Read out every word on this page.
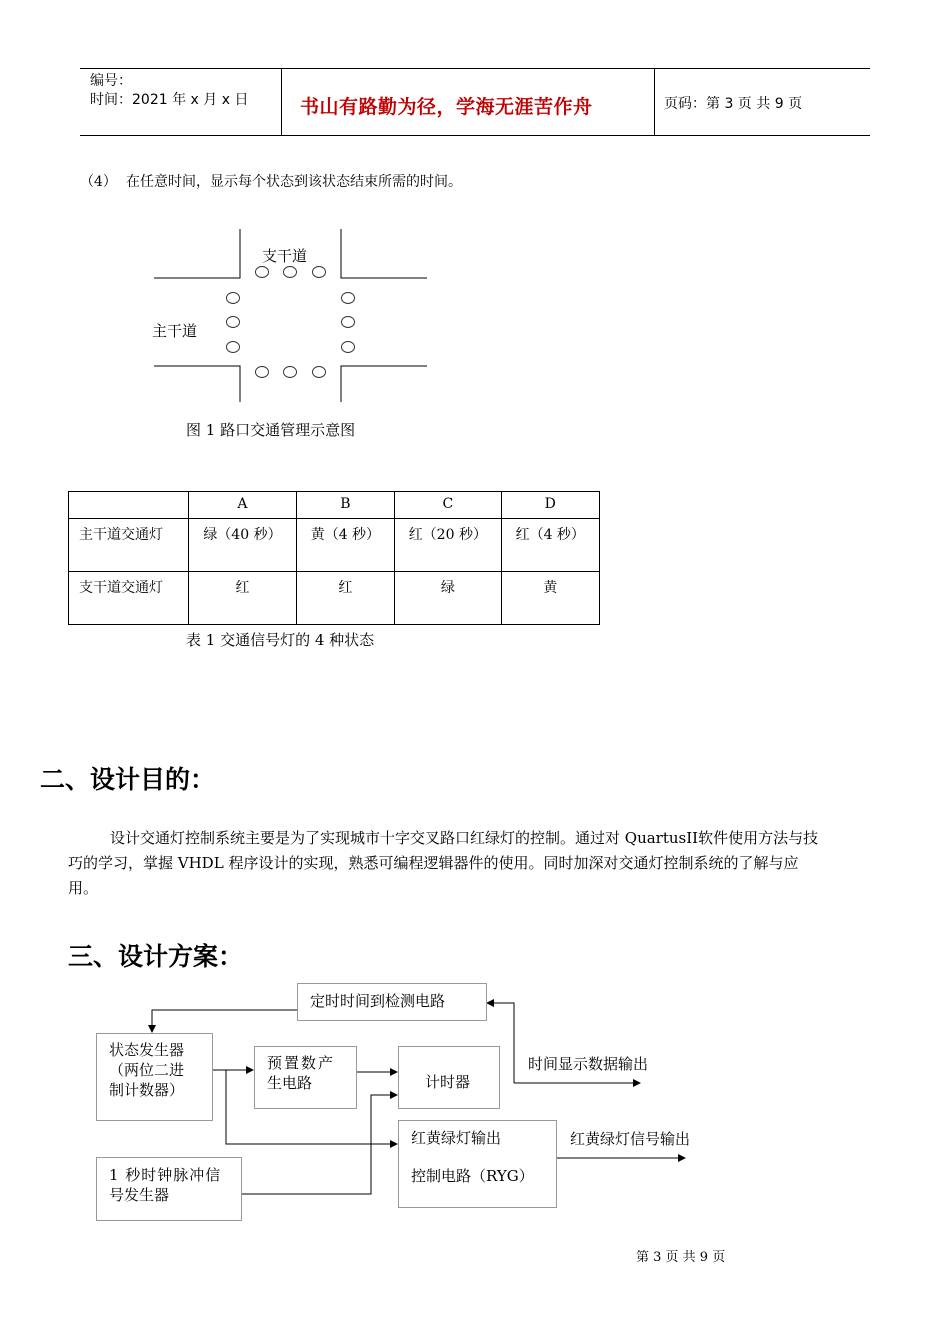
编号：
时间：2021 年 x 月 x 日	书山有路勤为径，学海无涯苦作舟	页码：第 3 页 共 9 页
（4） 在任意时间，显示每个状态到该状态结束所需的时间。
支干道
主干道
图 1 路口交通管理示意图
	A	B	C	D
主干道交通灯	绿（40 秒）	黄（4 秒）	红（20 秒）	红（4 秒）
支干道交通灯	红	红	绿	黄
表 1 交通信号灯的 4 种状态
二、设计目的：
设计交通灯控制系统主要是为了实现城市十字交叉路口红绿灯的控制。通过对 QuartusII软件使用方法与技
巧的学习，掌握 VHDL 程序设计的实现，熟悉可编程逻辑器件的使用。同时加深对交通灯控制系统的了解与应
用。
三、设计方案：
定时时间到检测电路
状态发生器
（两位二进
制计数器）
预置数产
生电路	计时器
时间显示数据输出
红黄绿灯输出
控制电路（RYG）
红黄绿灯信号输出
1 秒时钟脉冲信
号发生器
第 3 页 共 9 页
